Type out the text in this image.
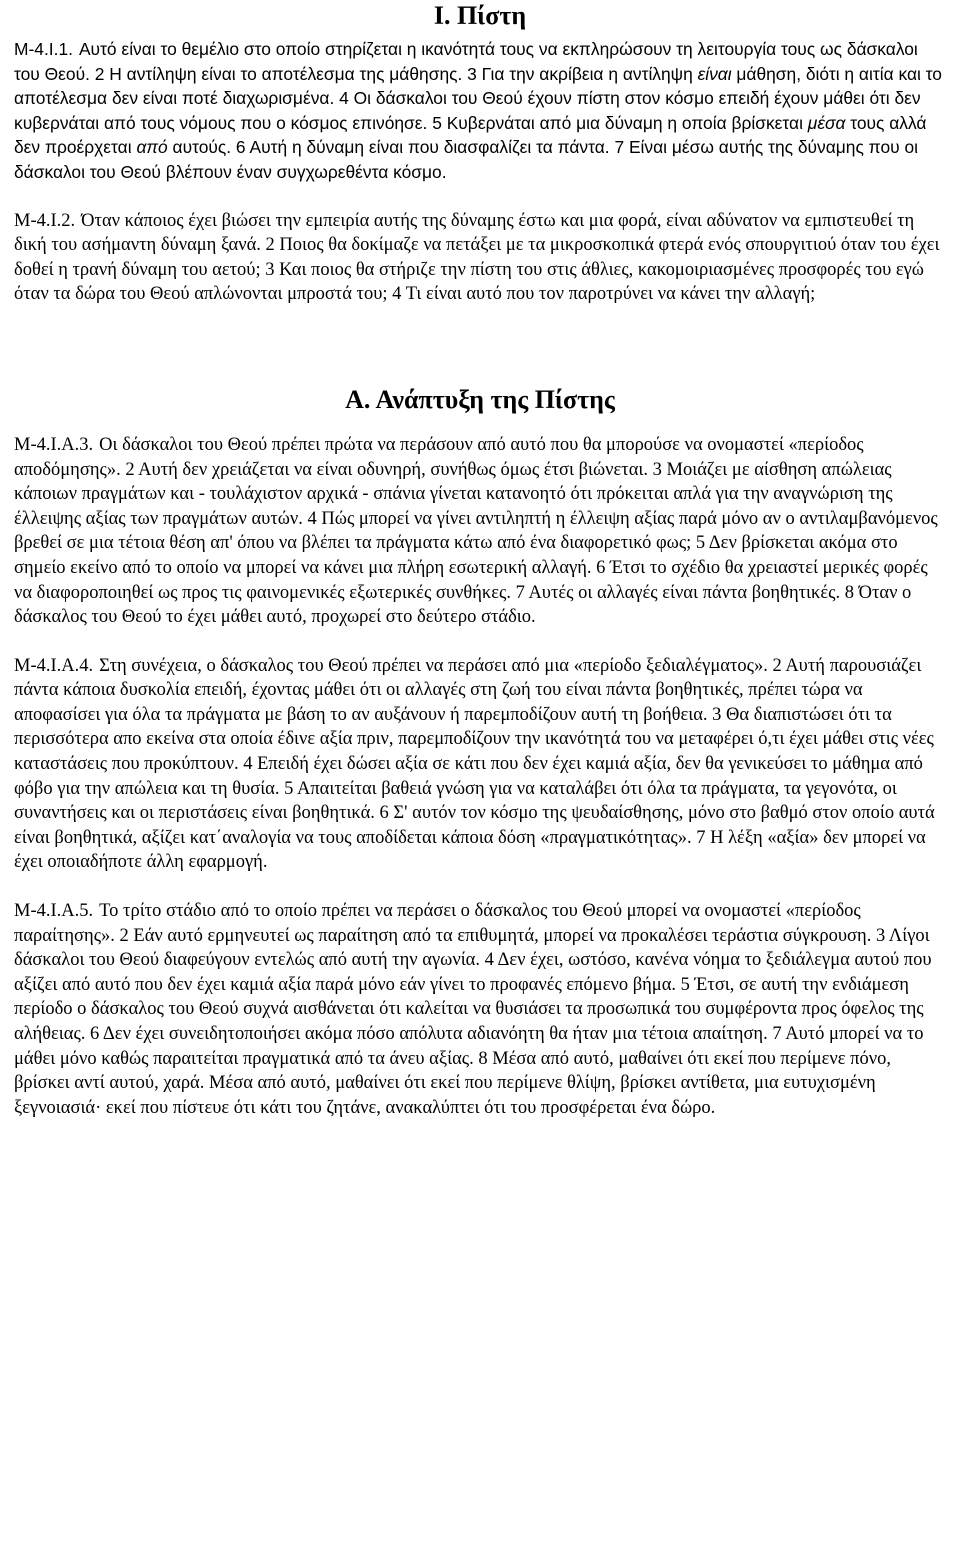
Ι. Πίστη

Μ-4.Ι.1. Αυτό είναι το θεμέλιο στο οποίο στηρίζεται η ικανότητά τους να εκπληρώσουν τη λειτουργία τους ως δάσκαλοι του Θεού. 2 Η αντίληψη είναι το αποτέλεσμα της μάθησης. 3 Για την ακρίβεια η αντίληψη είναι μάθηση, διότι η αιτία και το αποτέλεσμα δεν είναι ποτέ διαχωρισμένα. 4 Οι δάσκαλοι του Θεού έχουν πίστη στον κόσμο επειδή έχουν μάθει ότι δεν κυβερνάται από τους νόμους που ο κόσμος επινόησε. 5 Κυβερνάται από μια δύναμη η οποία βρίσκεται μέσα τους αλλά δεν προέρχεται από αυτούς. 6 Αυτή η δύναμη είναι που διασφαλίζει τα πάντα. 7 Είναι μέσω αυτής της δύναμης που οι δάσκαλοι του Θεού βλέπουν έναν συγχωρεθέντα κόσμο.

Μ-4.Ι.2. Όταν κάποιος έχει βιώσει την εμπειρία αυτής της δύναμης έστω και μια φορά, είναι αδύνατον να εμπιστευθεί τη δική του ασήμαντη δύναμη ξανά. 2 Ποιος θα δοκίμαζε να πετάξει με τα μικροσκοπικά φτερά ενός σπουργιτιού όταν του έχει δοθεί η τρανή δύναμη του αετού; 3 Και ποιος θα στήριζε την πίστη του στις άθλιες, κακομοιριασμένες προσφορές του εγώ όταν τα δώρα του Θεού απλώνονται μπροστά του; 4 Τι είναι αυτό που τον παροτρύνει να κάνει την αλλαγή;

Α. Ανάπτυξη της Πίστης

Μ-4.Ι.Α.3. Οι δάσκαλοι του Θεού πρέπει πρώτα να περάσουν από αυτό που θα μπορούσε να ονομαστεί «περίοδος αποδόμησης». 2 Αυτή δεν χρειάζεται να είναι οδυνηρή, συνήθως όμως έτσι βιώνεται. 3 Μοιάζει με αίσθηση απώλειας κάποιων πραγμάτων και - τουλάχιστον αρχικά - σπάνια γίνεται κατανοητό ότι πρόκειται απλά για την αναγνώριση της έλλειψης αξίας των πραγμάτων αυτών. 4 Πώς μπορεί να γίνει αντιληπτή η έλλειψη αξίας παρά μόνο αν ο αντιλαμβανόμενος βρεθεί σε μια τέτοια θέση απ' όπου να βλέπει τα πράγματα κάτω από ένα διαφορετικό φως; 5 Δεν βρίσκεται ακόμα στο σημείο εκείνο από το οποίο να μπορεί να κάνει μια πλήρη εσωτερική αλλαγή. 6 Έτσι το σχέδιο θα χρειαστεί μερικές φορές να διαφοροποιηθεί ως προς τις φαινομενικές εξωτερικές συνθήκες. 7 Αυτές οι αλλαγές είναι πάντα βοηθητικές. 8 Όταν ο δάσκαλος του Θεού το έχει μάθει αυτό, προχωρεί στο δεύτερο στάδιο.

Μ-4.Ι.Α.4. Στη συνέχεια, ο δάσκαλος του Θεού πρέπει να περάσει από μια «περίοδο ξεδιαλέγματος». 2 Αυτή παρουσιάζει πάντα κάποια δυσκολία επειδή, έχοντας μάθει ότι οι αλλαγές στη ζωή του είναι πάντα βοηθητικές, πρέπει τώρα να αποφασίσει για όλα τα πράγματα με βάση το αν αυξάνουν ή παρεμποδίζουν αυτή τη βοήθεια. 3 Θα διαπιστώσει ότι τα περισσότερα απο εκείνα στα οποία έδινε αξία πριν, παρεμποδίζουν την ικανότητά του να μεταφέρει ό,τι έχει μάθει στις νέες καταστάσεις που προκύπτουν. 4 Επειδή έχει δώσει αξία σε κάτι που δεν έχει καμιά αξία, δεν θα γενικεύσει το μάθημα από φόβο για την απώλεια και τη θυσία. 5 Απαιτείται βαθειά γνώση για να καταλάβει ότι όλα τα πράγματα, τα γεγονότα, οι συναντήσεις και οι περιστάσεις είναι βοηθητικά. 6 Σ' αυτόν τον κόσμο της ψευδαίσθησης, μόνο στο βαθμό στον οποίο αυτά είναι βοηθητικά, αξίζει κατ΄αναλογία να τους αποδίδεται κάποια δόση «πραγματικότητας». 7 Η λέξη «αξία» δεν μπορεί να έχει οποιαδήποτε άλλη εφαρμογή.

Μ-4.Ι.Α.5. Το τρίτο στάδιο από το οποίο πρέπει να περάσει ο δάσκαλος του Θεού μπορεί να ονομαστεί «περίοδος παραίτησης». 2 Εάν αυτό ερμηνευτεί ως παραίτηση από τα επιθυμητά, μπορεί να προκαλέσει τεράστια σύγκρουση. 3 Λίγοι δάσκαλοι του Θεού διαφεύγουν εντελώς από αυτή την αγωνία. 4 Δεν έχει, ωστόσο, κανένα νόημα το ξεδιάλεγμα αυτού που αξίζει από αυτό που δεν έχει καμιά αξία παρά μόνο εάν γίνει το προφανές επόμενο βήμα. 5 Έτσι, σε αυτή την ενδιάμεση περίοδο ο δάσκαλος του Θεού συχνά αισθάνεται ότι καλείται να θυσιάσει τα προσωπικά του συμφέροντα προς όφελος της αλήθειας. 6 Δεν έχει συνειδητοποιήσει ακόμα πόσο απόλυτα αδιανόητη θα ήταν μια τέτοια απαίτηση. 7 Αυτό μπορεί να το μάθει μόνο καθώς παραιτείται πραγματικά από τα άνευ αξίας. 8 Μέσα από αυτό, μαθαίνει ότι εκεί που περίμενε πόνο, βρίσκει αντί αυτού, χαρά. Μέσα από αυτό, μαθαίνει ότι εκεί που περίμενε θλίψη, βρίσκει αντίθετα, μια ευτυχισμένη ξεγνοιασιά· εκεί που πίστευε ότι κάτι του ζητάνε, ανακαλύπτει ότι του προσφέρεται ένα δώρο.
